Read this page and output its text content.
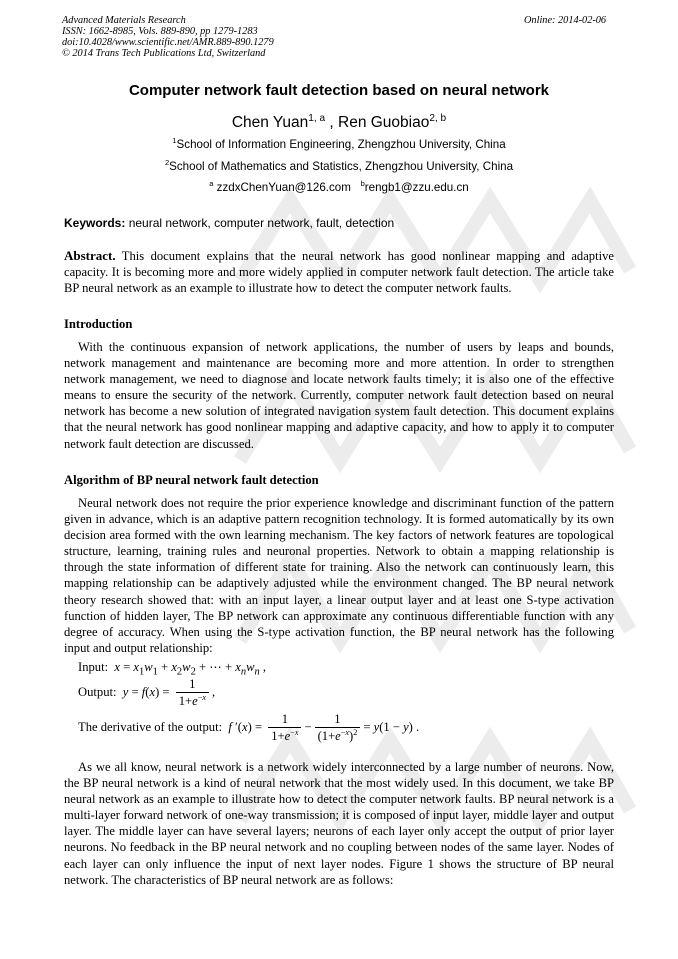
Advanced Materials Research
ISSN: 1662-8985, Vols. 889-890, pp 1279-1283
doi:10.4028/www.scientific.net/AMR.889-890.1279
© 2014 Trans Tech Publications Ltd, Switzerland
Online: 2014-02-06
Computer network fault detection based on neural network
Chen Yuan$^{1, a}$ , Ren Guobiao$^{2, b}$
$^1$School of Information Engineering, Zhengzhou University, China
$^2$School of Mathematics and Statistics, Zhengzhou University, China
$^a$ zzdxChenYuan@126.com $^b$rengb1@zzu.edu.cn
Keywords: neural network, computer network, fault, detection

Abstract. This document explains that the neural network has good nonlinear mapping and adaptive capacity. It is becoming more and more widely applied in computer network fault detection. The article take BP neural network as an example to illustrate how to detect the computer network faults.

Introduction

With the continuous expansion of network applications, the number of users by leaps and bounds, network management and maintenance are becoming more and more attention. In order to strengthen network management, we need to diagnose and locate network faults timely; it is also one of the effective means to ensure the security of the network. Currently, computer network fault detection based on neural network has become a new solution of integrated navigation system fault detection. This document explains that the neural network has good nonlinear mapping and adaptive capacity, and how to apply it to computer network fault detection are discussed.

Algorithm of BP neural network fault detection

Neural network does not require the prior experience knowledge and discriminant function of the pattern given in advance, which is an adaptive pattern recognition technology. It is formed automatically by its own decision area formed with the own learning mechanism. The key factors of network features are topological structure, learning, training rules and neuronal properties. Network to obtain a mapping relationship is through the state information of different state for training. Also the network can continuously learn, this mapping relationship can be adaptively adjusted while the environment changed. The BP neural network theory research showed that: with an input layer, a linear output layer and at least one S-type activation function of hidden layer, The BP network can approximate any continuous differentiable function with any degree of accuracy. When using the S-type activation function, the BP neural network has the following input and output relationship:

Input:  $x = x_1w_1 + x_2w_2$ + ⋯ + $x_nw_n$ ,
Output:  $y = f(x) = \frac{1}{1+e^{-x}}$ ,
The derivative of the output:  f $'(x) = \frac{1}{1+e^{-x}} - \frac{1}{(1+e^{-x})^2} = y(1 - y)$ .

As we all know, neural network is a network widely interconnected by a large number of neurons. Now, the BP neural network is a kind of neural network that the most widely used. In this document, we take BP neural network as an example to illustrate how to detect the computer network faults. BP neural network is a multi-layer forward network of one-way transmission; it is composed of input layer, middle layer and output layer. The middle layer can have several layers; neurons of each layer only accept the output of prior layer neurons. No feedback in the BP neural network and no coupling between nodes of the same layer. Nodes of each layer can only influence the input of next layer nodes. Figure 1 shows the structure of BP neural network. The characteristics of BP neural network are as follows:
